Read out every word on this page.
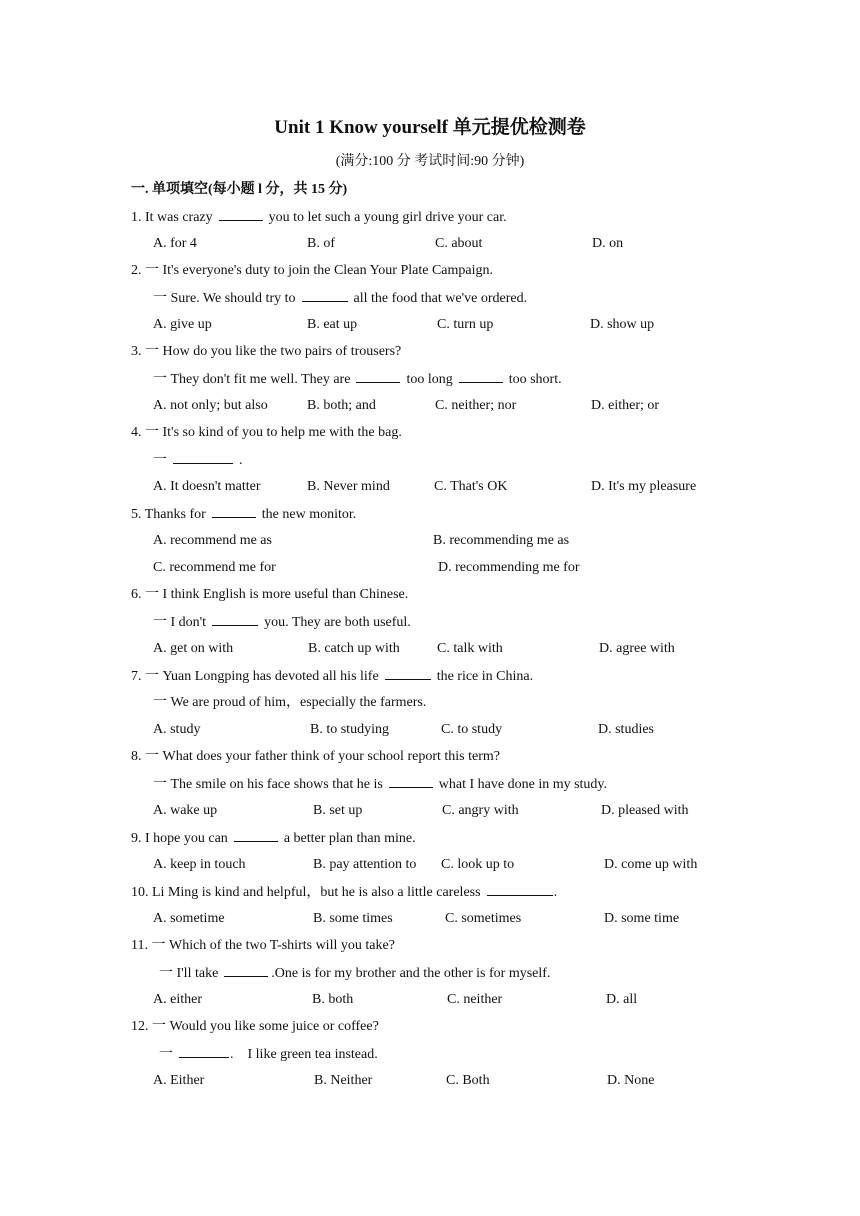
Unit 1 Know yourself 单元提优检测卷
(满分:100 分 考试时间:90 分钟)
一. 单项填空(每小题 l 分，共 15 分)
1. It was crazy	you to let such a young girl drive your car.
A. for 4	B. of	C. about	D. on
2. 一 It's everyone's duty to join the Clean Your Plate Campaign.
一 Sure. We should try to	all the food that we've ordered.
A. give up	B. eat up	C. turn up	D. show up
3. 一 How do you like the two pairs of trousers?
一 They don't fit me well. They are	too long	too short.
A. not only; but also	B. both; and	C. neither; nor	D. either; or
4. 一 It's so kind of you to help me with the bag.
一	.
A. It doesn't matter	B. Never mind	C. That's OK	D. It's my pleasure
5. Thanks for	the new monitor.
A. recommend me as	B. recommending me as
C. recommend me for	D. recommending me for
6. 一 I think English is more useful than Chinese.
一 I don't	you. They are both useful.
A. get on with	B. catch up with	C. talk with	D. agree with
7. 一 Yuan Longping has devoted all his life	the rice in China.
一 We are proud of him，especially the farmers.
A. study	B. to studying	C. to study	D. studies
8. 一 What does your father think of your school report this term?
一 The smile on his face shows that he is	what I have done in my study.
A. wake up	B. set up	C. angry with	D. pleased with
9. I hope you can	a better plan than mine.
A. keep in touch	B. pay attention to C. look up to	D. come up with
10. Li Ming is kind and helpful，but he is also a little careless	.
A. sometime	B. some times	C. sometimes	D. some time
11. 一 Which of the two T-shirts will you take?
一 I'll take	.One is for my brother and the other is for myself.
A. either	B. both	C. neither	D. all
12. 一 Would you like some juice or coffee?
一	.    I like green tea instead.
A. Either	B. Neither	C. Both	D. None
